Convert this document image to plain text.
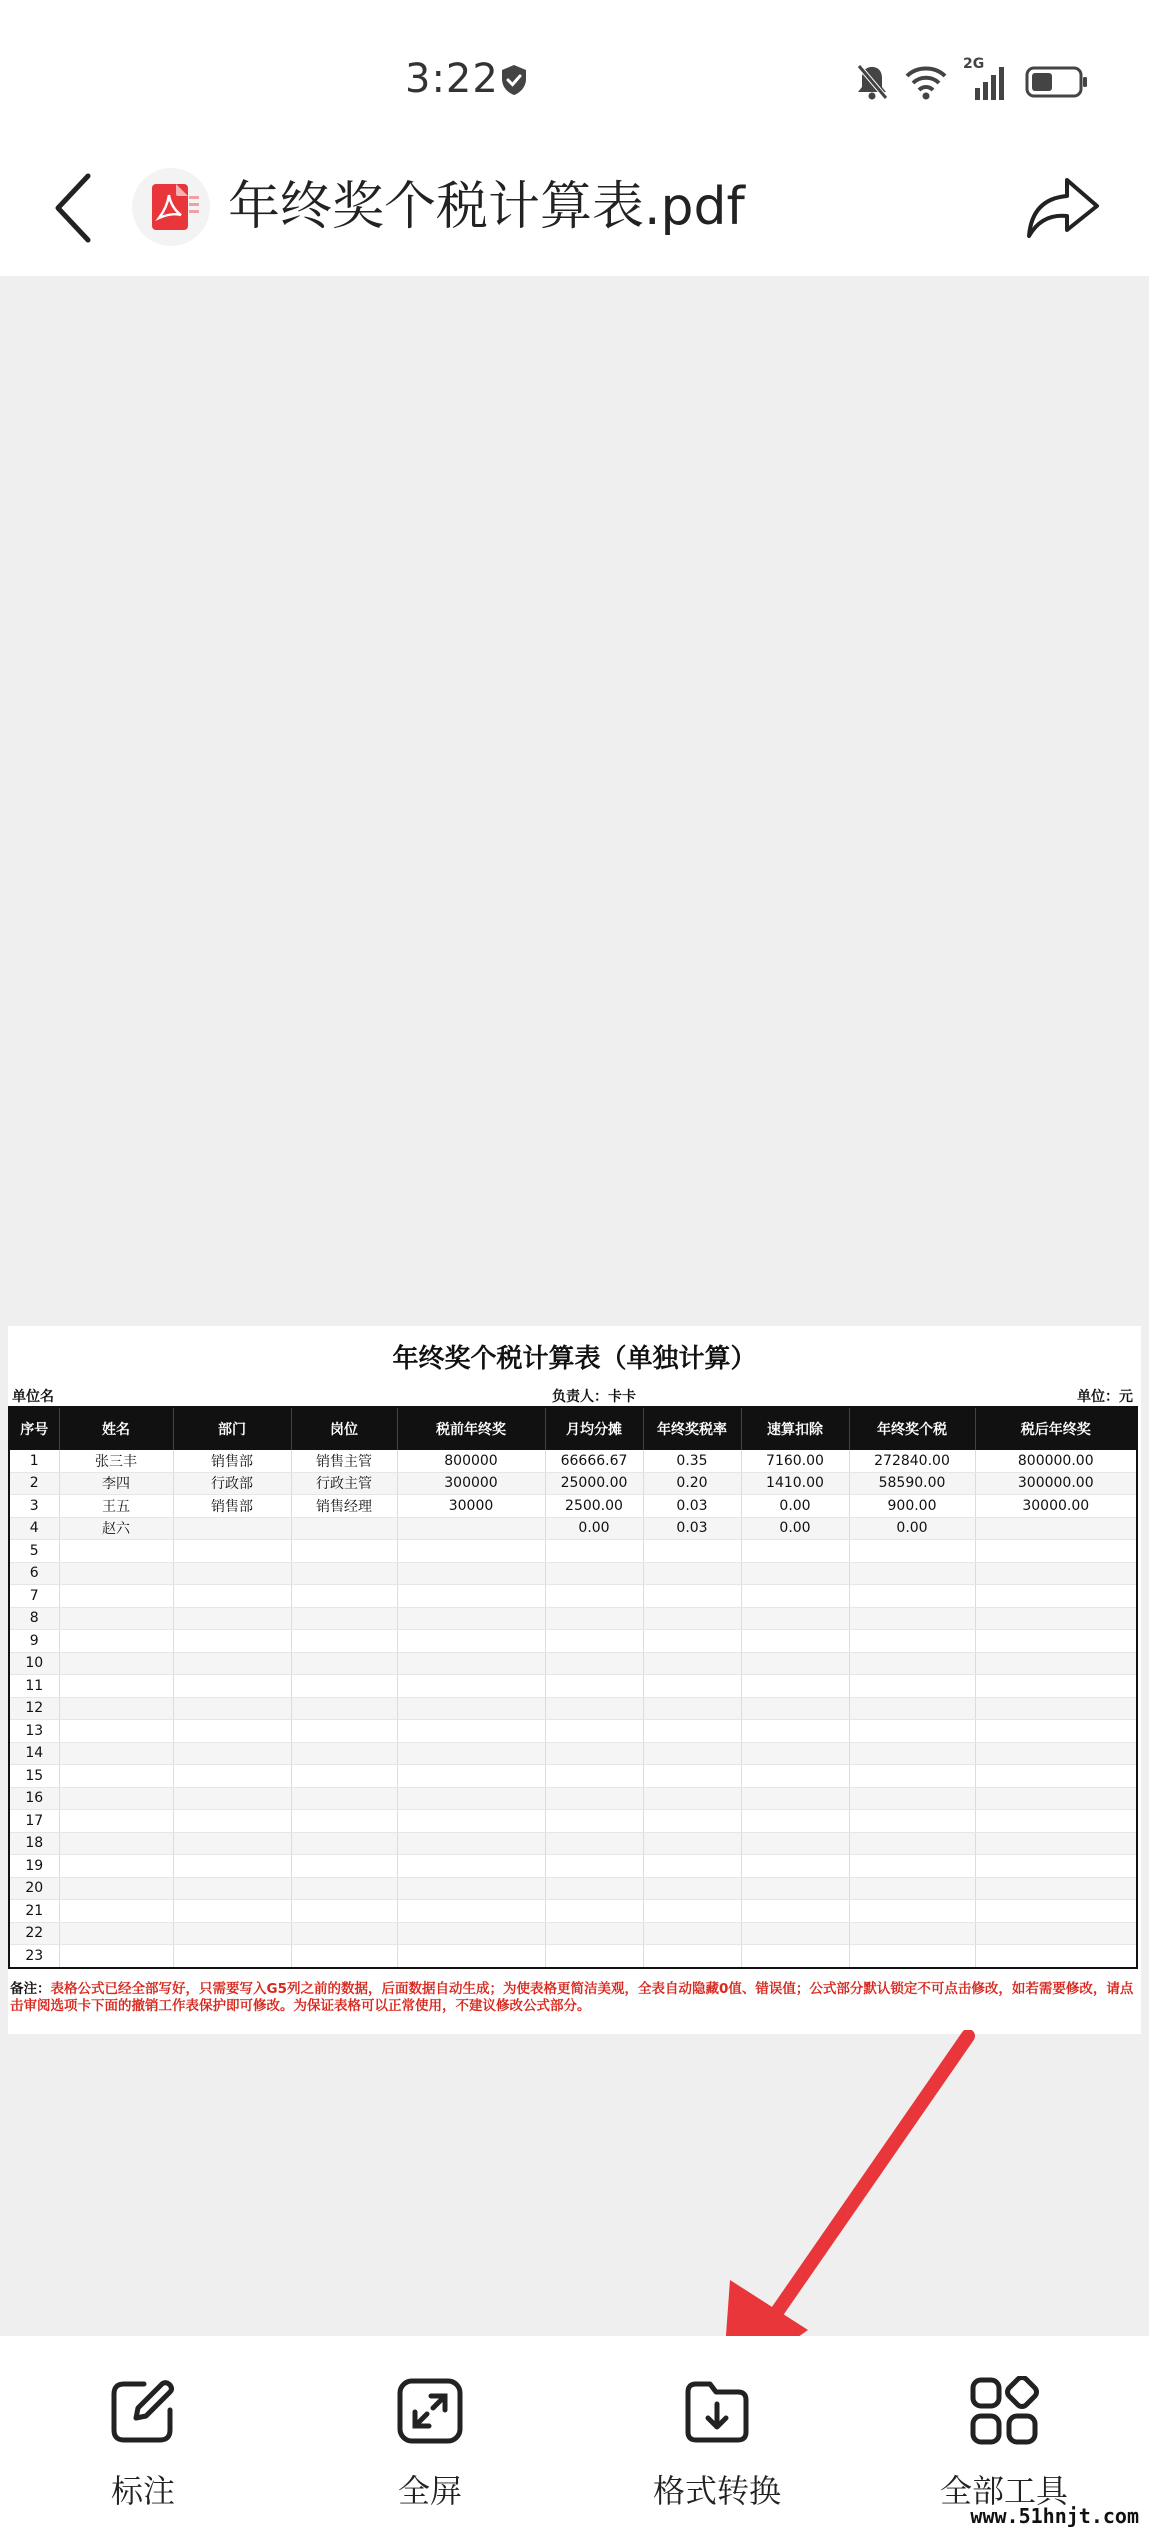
3:22	2G
年终奖个税计算表.pdf
年终奖个税计算表（单独计算）
单位名	负责人：卡卡	单位：元
序号	姓名	部门	岗位	税前年终奖	月均分摊	年终奖税率	速算扣除	年终奖个税	税后年终奖
1	张三丰	销售部	销售主管	800000	66666.67	0.35	7160.00	272840.00	800000.00
2	李四	行政部	行政主管	300000	25000.00	0.20	1410.00	58590.00	300000.00
3	王五	销售部	销售经理	30000	2500.00	0.03	0.00	900.00	30000.00
4	赵六				0.00	0.03	0.00	0.00	
5									
6									
7									
8									
9									
10									
11									
12									
13									
14									
15									
16									
17									
18									
19									
20									
21									
22									
23									
备注：表格公式已经全部写好，只需要写入G5列之前的数据，后面数据自动生成；为使表格更简洁美观，全表自动隐藏0值、错误值；公式部分默认锁定不可点击修改，如若需要修改，请点击审阅选项卡下面的撤销工作表保护即可修改。为保证表格可以正常使用，不建议修改公式部分。
标注	全屏	格式转换	全部工具
www.51hnjt.com
